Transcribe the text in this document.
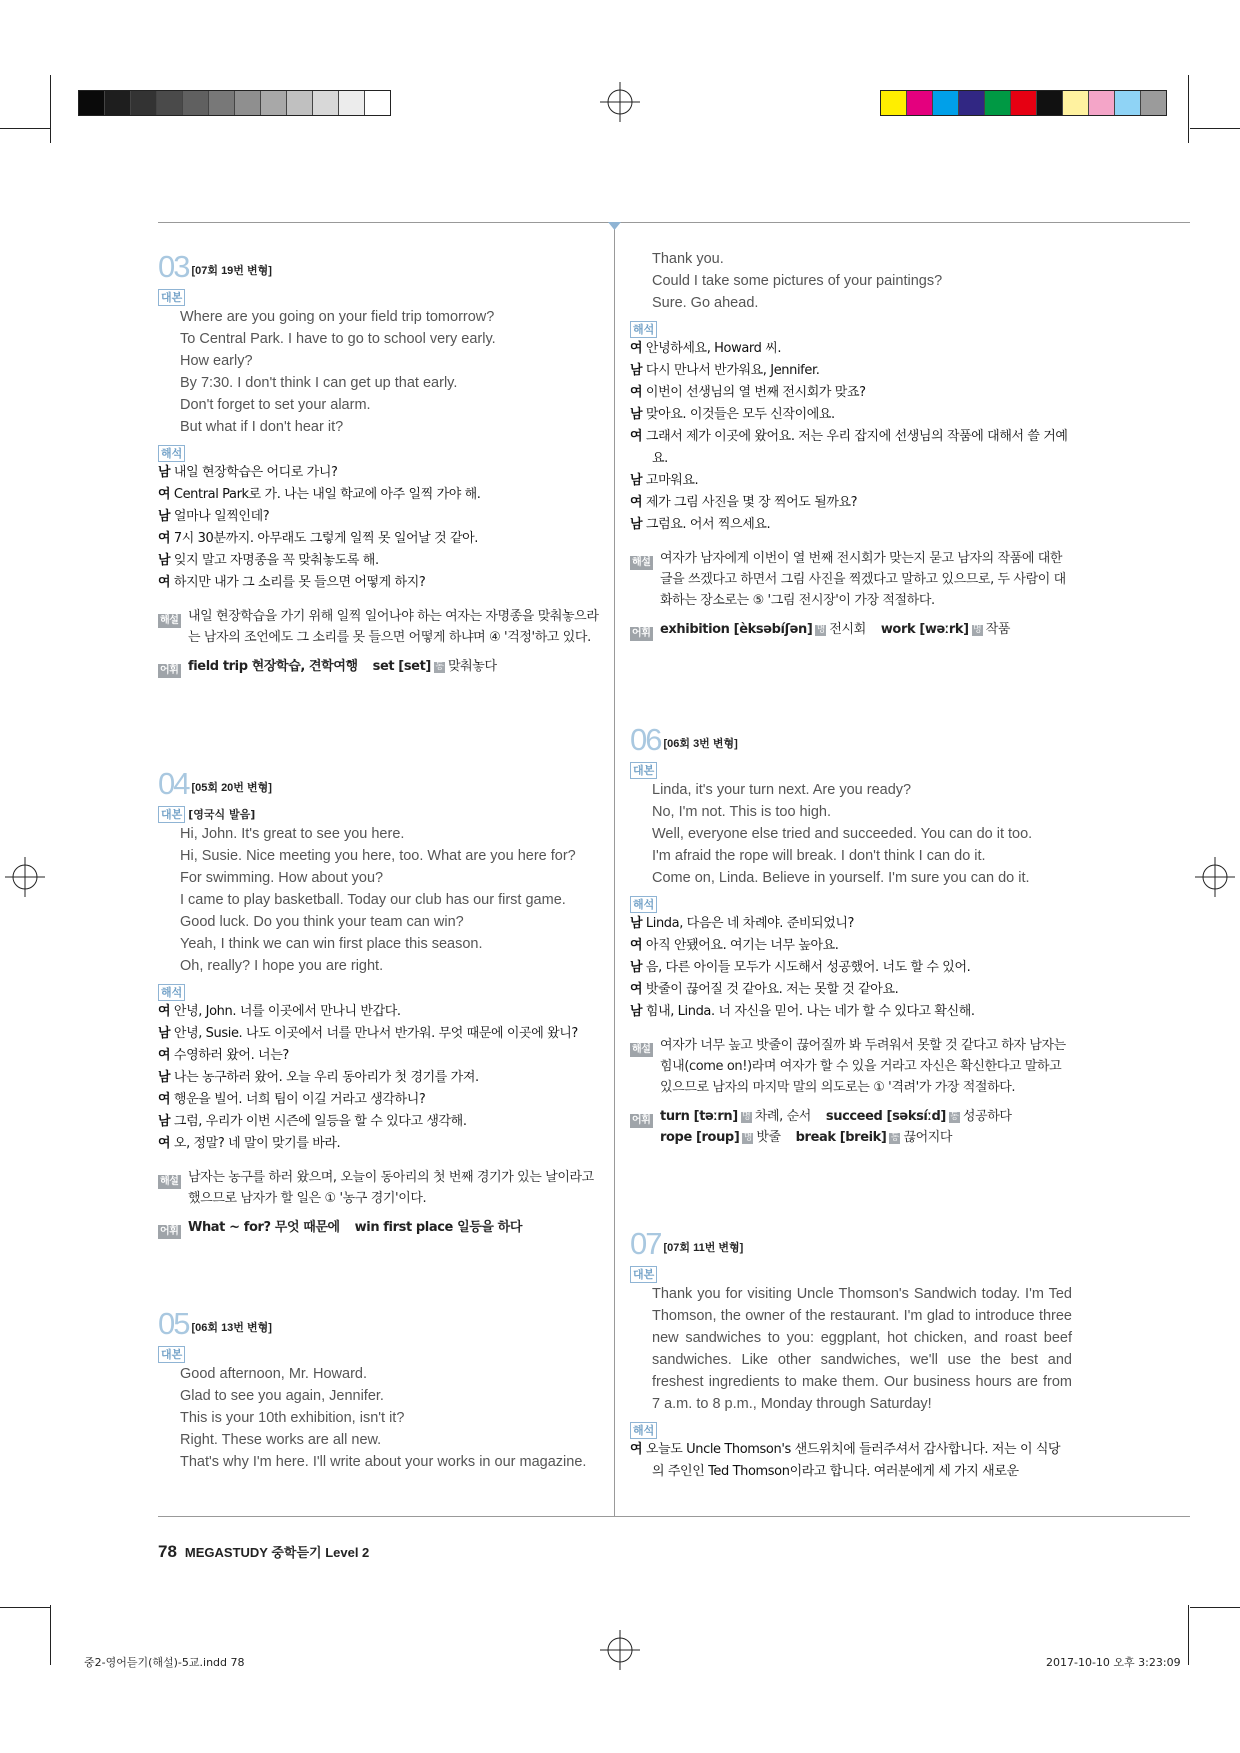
03 [07회 19번 변형]
대본
Where are you going on your field trip tomorrow?
To Central Park. I have to go to school very early.
How early?
By 7:30. I don't think I can get up that early.
Don't forget to set your alarm.
But what if I don't hear it?
해석
남 내일 현장학습은 어디로 가니?
여 Central Park로 가. 나는 내일 학교에 아주 일찍 가야 해.
남 얼마나 일찍인데?
여 7시 30분까지. 아무래도 그렇게 일찍 못 일어날 것 같아.
남 잊지 말고 자명종을 꼭 맞춰놓도록 해.
여 하지만 내가 그 소리를 못 들으면 어떻게 하지?
해설 내일 현장학습을 가기 위해 일찍 일어나야 하는 여자는 자명종을 맞춰놓으라는 남자의 조언에도 그 소리를 못 들으면 어떻게 하냐며 ④ '걱정'하고 있다.
어휘 field trip 현장학습, 견학여행 set [set] 동 맞춰놓다
04 [05회 20번 변형]
대본 [영국식 발음]
Hi, John. It's great to see you here.
Hi, Susie. Nice meeting you here, too. What are you here for?
For swimming. How about you?
I came to play basketball. Today our club has our first game.
Good luck. Do you think your team can win?
Yeah, I think we can win first place this season.
Oh, really? I hope you are right.
해석
여 안녕, John. 너를 이곳에서 만나니 반갑다.
남 안녕, Susie. 나도 이곳에서 너를 만나서 반가워. 무엇 때문에 이곳에 왔니?
여 수영하러 왔어. 너는?
남 나는 농구하러 왔어. 오늘 우리 동아리가 첫 경기를 가져.
여 행운을 빌어. 너희 팀이 이길 거라고 생각하니?
남 그럼, 우리가 이번 시즌에 일등을 할 수 있다고 생각해.
여 오, 정말? 네 말이 맞기를 바라.
해설 남자는 농구를 하러 왔으며, 오늘이 동아리의 첫 번째 경기가 있는 날이라고 했으므로 남자가 할 일은 ① '농구 경기'이다.
어휘 What ~ for? 무엇 때문에 win first place 일등을 하다
05 [06회 13번 변형]
대본
Good afternoon, Mr. Howard.
Glad to see you again, Jennifer.
This is your 10th exhibition, isn't it?
Right. These works are all new.
That's why I'm here. I'll write about your works in our magazine.
Thank you.
Could I take some pictures of your paintings?
Sure. Go ahead.
해석
여 안녕하세요, Howard 씨.
남 다시 만나서 반가워요, Jennifer.
여 이번이 선생님의 열 번째 전시회가 맞죠?
남 맞아요. 이것들은 모두 신작이에요.
여 그래서 제가 이곳에 왔어요. 저는 우리 잡지에 선생님의 작품에 대해서 쓸 거예요.
남 고마워요.
여 제가 그림 사진을 몇 장 찍어도 될까요?
남 그럼요. 어서 찍으세요.
해설 여자가 남자에게 이번이 열 번째 전시회가 맞는지 묻고 남자의 작품에 대한 글을 쓰겠다고 하면서 그림 사진을 찍겠다고 말하고 있으므로, 두 사람이 대화하는 장소로는 ⑤ '그림 전시장'이 가장 적절하다.
어휘 exhibition [èksəbíʃən] 명 전시회 work [wəːrk] 명 작품
06 [06회 3번 변형]
대본
Linda, it's your turn next. Are you ready?
No, I'm not. This is too high.
Well, everyone else tried and succeeded. You can do it too.
I'm afraid the rope will break. I don't think I can do it.
Come on, Linda. Believe in yourself. I'm sure you can do it.
해석
남 Linda, 다음은 네 차례야. 준비되었니?
여 아직 안됐어요. 여기는 너무 높아요.
남 음, 다른 아이들 모두가 시도해서 성공했어. 너도 할 수 있어.
여 밧줄이 끊어질 것 같아요. 저는 못할 것 같아요.
남 힘내, Linda. 너 자신을 믿어. 나는 네가 할 수 있다고 확신해.
해설 여자가 너무 높고 밧줄이 끊어질까 봐 두려워서 못할 것 같다고 하자 남자는 힘내(come on!)라며 여자가 할 수 있을 거라고 자신은 확신한다고 말하고 있으므로 남자의 마지막 말의 의도로는 ① '격려'가 가장 적절하다.
어휘 turn [təːrn] 명 차례, 순서 succeed [səksíːd] 동 성공하다
rope [roup] 명 밧줄 break [breik] 동 끊어지다
07 [07회 11번 변형]
대본
Thank you for visiting Uncle Thomson's Sandwich today. I'm Ted Thomson, the owner of the restaurant. I'm glad to introduce three new sandwiches to you: eggplant, hot chicken, and roast beef sandwiches. Like other sandwiches, we'll use the best and freshest ingredients to make them. Our business hours are from 7 a.m. to 8 p.m., Monday through Saturday!
해석
여 오늘도 Uncle Thomson's 샌드위치에 들러주셔서 감사합니다. 저는 이 식당의 주인인 Ted Thomson이라고 합니다. 여러분에게 세 가지 새로운
78 MEGASTUDY 중학듣기 Level 2
중2-영어듣기(해설)-5교.indd 78	2017-10-10 오후 3:23:09
